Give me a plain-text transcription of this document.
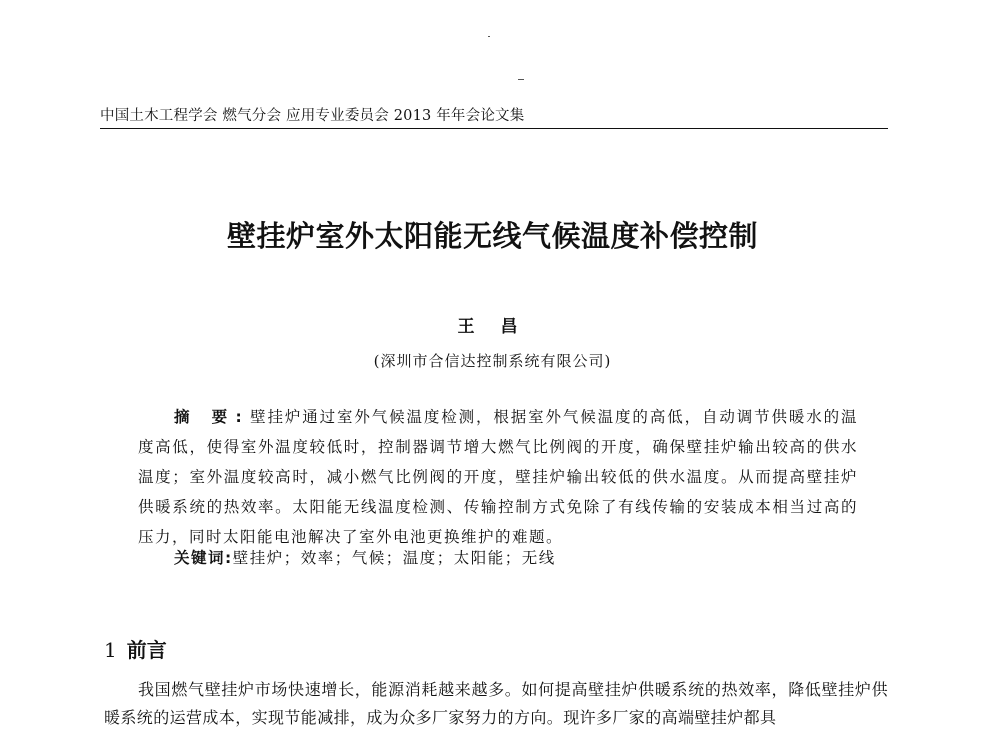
中国土木工程学会 燃气分会 应用专业委员会 2013 年年会论文集
壁挂炉室外太阳能无线气候温度补偿控制
王 昌
(深圳市合信达控制系统有限公司)
摘 要:壁挂炉通过室外气候温度检测，根据室外气候温度的高低，自动调节供暖水的温度高低，使得室外温度较低时，控制器调节增大燃气比例阀的开度，确保壁挂炉输出较高的供水温度；室外温度较高时，减小燃气比例阀的开度，壁挂炉输出较低的供水温度。从而提高壁挂炉供暖系统的热效率。太阳能无线温度检测、传输控制方式免除了有线传输的安装成本相当过高的压力，同时太阳能电池解决了室外电池更换维护的难题。
关键词:壁挂炉；效率；气候；温度；太阳能；无线
1 前言
我国燃气壁挂炉市场快速增长，能源消耗越来越多。如何提高壁挂炉供暖系统的热效率，降低壁挂炉供暖系统的运营成本，实现节能减排，成为众多厂家努力的方向。现许多厂家的高端壁挂炉都具
